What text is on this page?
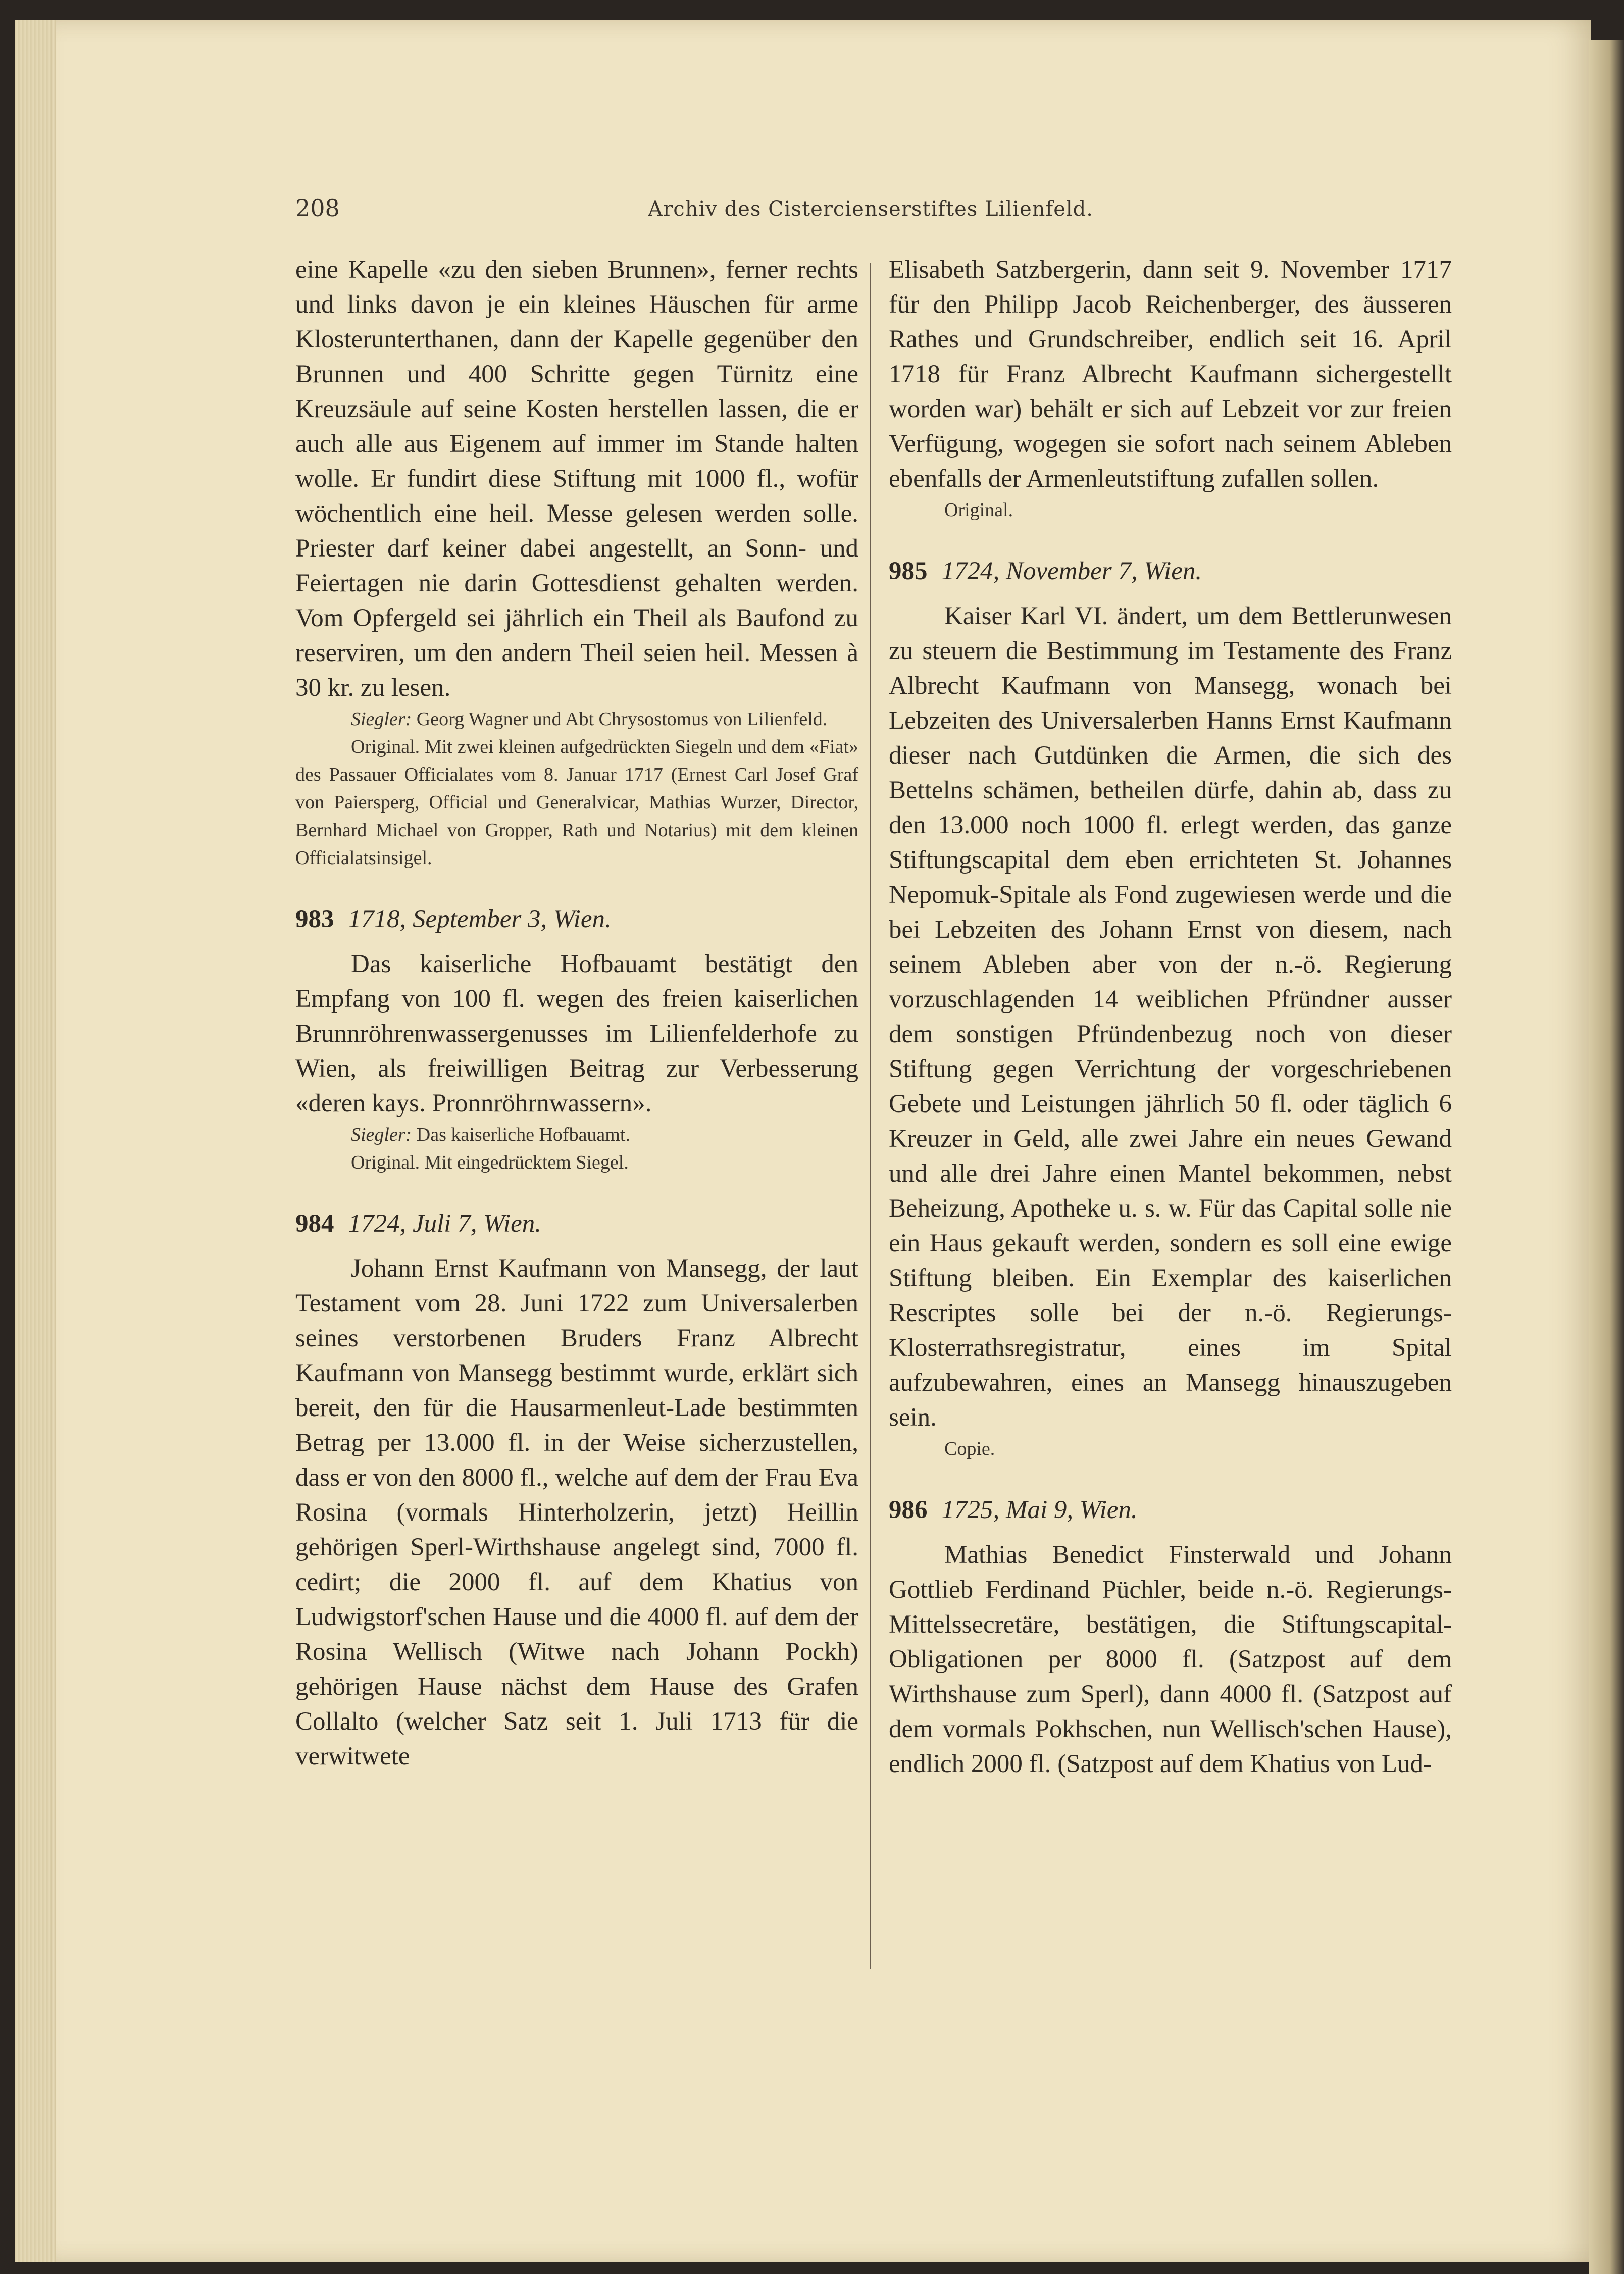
208	Archiv des Cistercienserstiftes Lilienfeld.

eine Kapelle «zu den sieben Brunnen», ferner rechts und links davon je ein kleines Häuschen für arme Klosterunterthanen, dann der Kapelle gegenüber den Brunnen und 400 Schritte gegen Türnitz eine Kreuzsäule auf seine Kosten herstellen lassen, die er auch alle aus Eigenem auf immer im Stande halten wolle. Er fundirt diese Stiftung mit 1000 fl., wofür wöchentlich eine heil. Messe gelesen werden solle. Priester darf keiner dabei angestellt, an Sonn- und Feiertagen nie darin Gottesdienst gehalten werden. Vom Opfergeld sei jährlich ein Theil als Baufond zu reserviren, um den andern Theil seien heil. Messen à 30 kr. zu lesen.

Siegler: Georg Wagner und Abt Chrysostomus von Lilienfeld.

Original. Mit zwei kleinen aufgedrückten Siegeln und dem «Fiat» des Passauer Officialates vom 8. Januar 1717 (Ernest Carl Josef Graf von Paiersperg, Official und Generalvicar, Mathias Wurzer, Director, Bernhard Michael von Gropper, Rath und Notarius) mit dem kleinen Officialatsinsigel.

983 1718, September 3, Wien.

Das kaiserliche Hofbauamt bestätigt den Empfang von 100 fl. wegen des freien kaiserlichen Brunnröhrenwassergenusses im Lilienfelderhofe zu Wien, als freiwilligen Beitrag zur Verbesserung «deren kays. Pronnröhrnwassern».

Siegler: Das kaiserliche Hofbauamt.

Original. Mit eingedrücktem Siegel.

984 1724, Juli 7, Wien.

Johann Ernst Kaufmann von Mansegg, der laut Testament vom 28. Juni 1722 zum Universalerben seines verstorbenen Bruders Franz Albrecht Kaufmann von Mansegg bestimmt wurde, erklärt sich bereit, den für die Hausarmenleut-Lade bestimmten Betrag per 13.000 fl. in der Weise sicherzustellen, dass er von den 8000 fl., welche auf dem der Frau Eva Rosina (vormals Hinterholzerin, jetzt) Heillin gehörigen Sperl-Wirthshause angelegt sind, 7000 fl. cedirt; die 2000 fl. auf dem Khatius von Ludwigstorf'schen Hause und die 4000 fl. auf dem der Rosina Wellisch (Witwe nach Johann Pockh) gehörigen Hause nächst dem Hause des Grafen Collalto (welcher Satz seit 1. Juli 1713 für die verwitwete

Elisabeth Satzbergerin, dann seit 9. November 1717 für den Philipp Jacob Reichenberger, des äusseren Rathes und Grundschreiber, endlich seit 16. April 1718 für Franz Albrecht Kaufmann sichergestellt worden war) behält er sich auf Lebzeit vor zur freien Verfügung, wogegen sie sofort nach seinem Ableben ebenfalls der Armenleutstiftung zufallen sollen.

Original.

985 1724, November 7, Wien.

Kaiser Karl VI. ändert, um dem Bettlerunwesen zu steuern die Bestimmung im Testamente des Franz Albrecht Kaufmann von Mansegg, wonach bei Lebzeiten des Universalerben Hanns Ernst Kaufmann dieser nach Gutdünken die Armen, die sich des Bettelns schämen, betheilen dürfe, dahin ab, dass zu den 13.000 noch 1000 fl. erlegt werden, das ganze Stiftungscapital dem eben errichteten St. Johannes Nepomuk-Spitale als Fond zugewiesen werde und die bei Lebzeiten des Johann Ernst von diesem, nach seinem Ableben aber von der n.-ö. Regierung vorzuschlagenden 14 weiblichen Pfründner ausser dem sonstigen Pfründenbezug noch von dieser Stiftung gegen Verrichtung der vorgeschriebenen Gebete und Leistungen jährlich 50 fl. oder täglich 6 Kreuzer in Geld, alle zwei Jahre ein neues Gewand und alle drei Jahre einen Mantel bekommen, nebst Beheizung, Apotheke u. s. w. Für das Capital solle nie ein Haus gekauft werden, sondern es soll eine ewige Stiftung bleiben. Ein Exemplar des kaiserlichen Rescriptes solle bei der n.-ö. Regierungs-Klosterrathsregistratur, eines im Spital aufzubewahren, eines an Mansegg hinauszugeben sein.

Copie.

986 1725, Mai 9, Wien.

Mathias Benedict Finsterwald und Johann Gottlieb Ferdinand Püchler, beide n.-ö. Regierungs-Mittelssecretäre, bestätigen, die Stiftungscapital-Obligationen per 8000 fl. (Satzpost auf dem Wirthshause zum Sperl), dann 4000 fl. (Satzpost auf dem vormals Pokhschen, nun Wellisch'schen Hause), endlich 2000 fl. (Satzpost auf dem Khatius von Lud-
